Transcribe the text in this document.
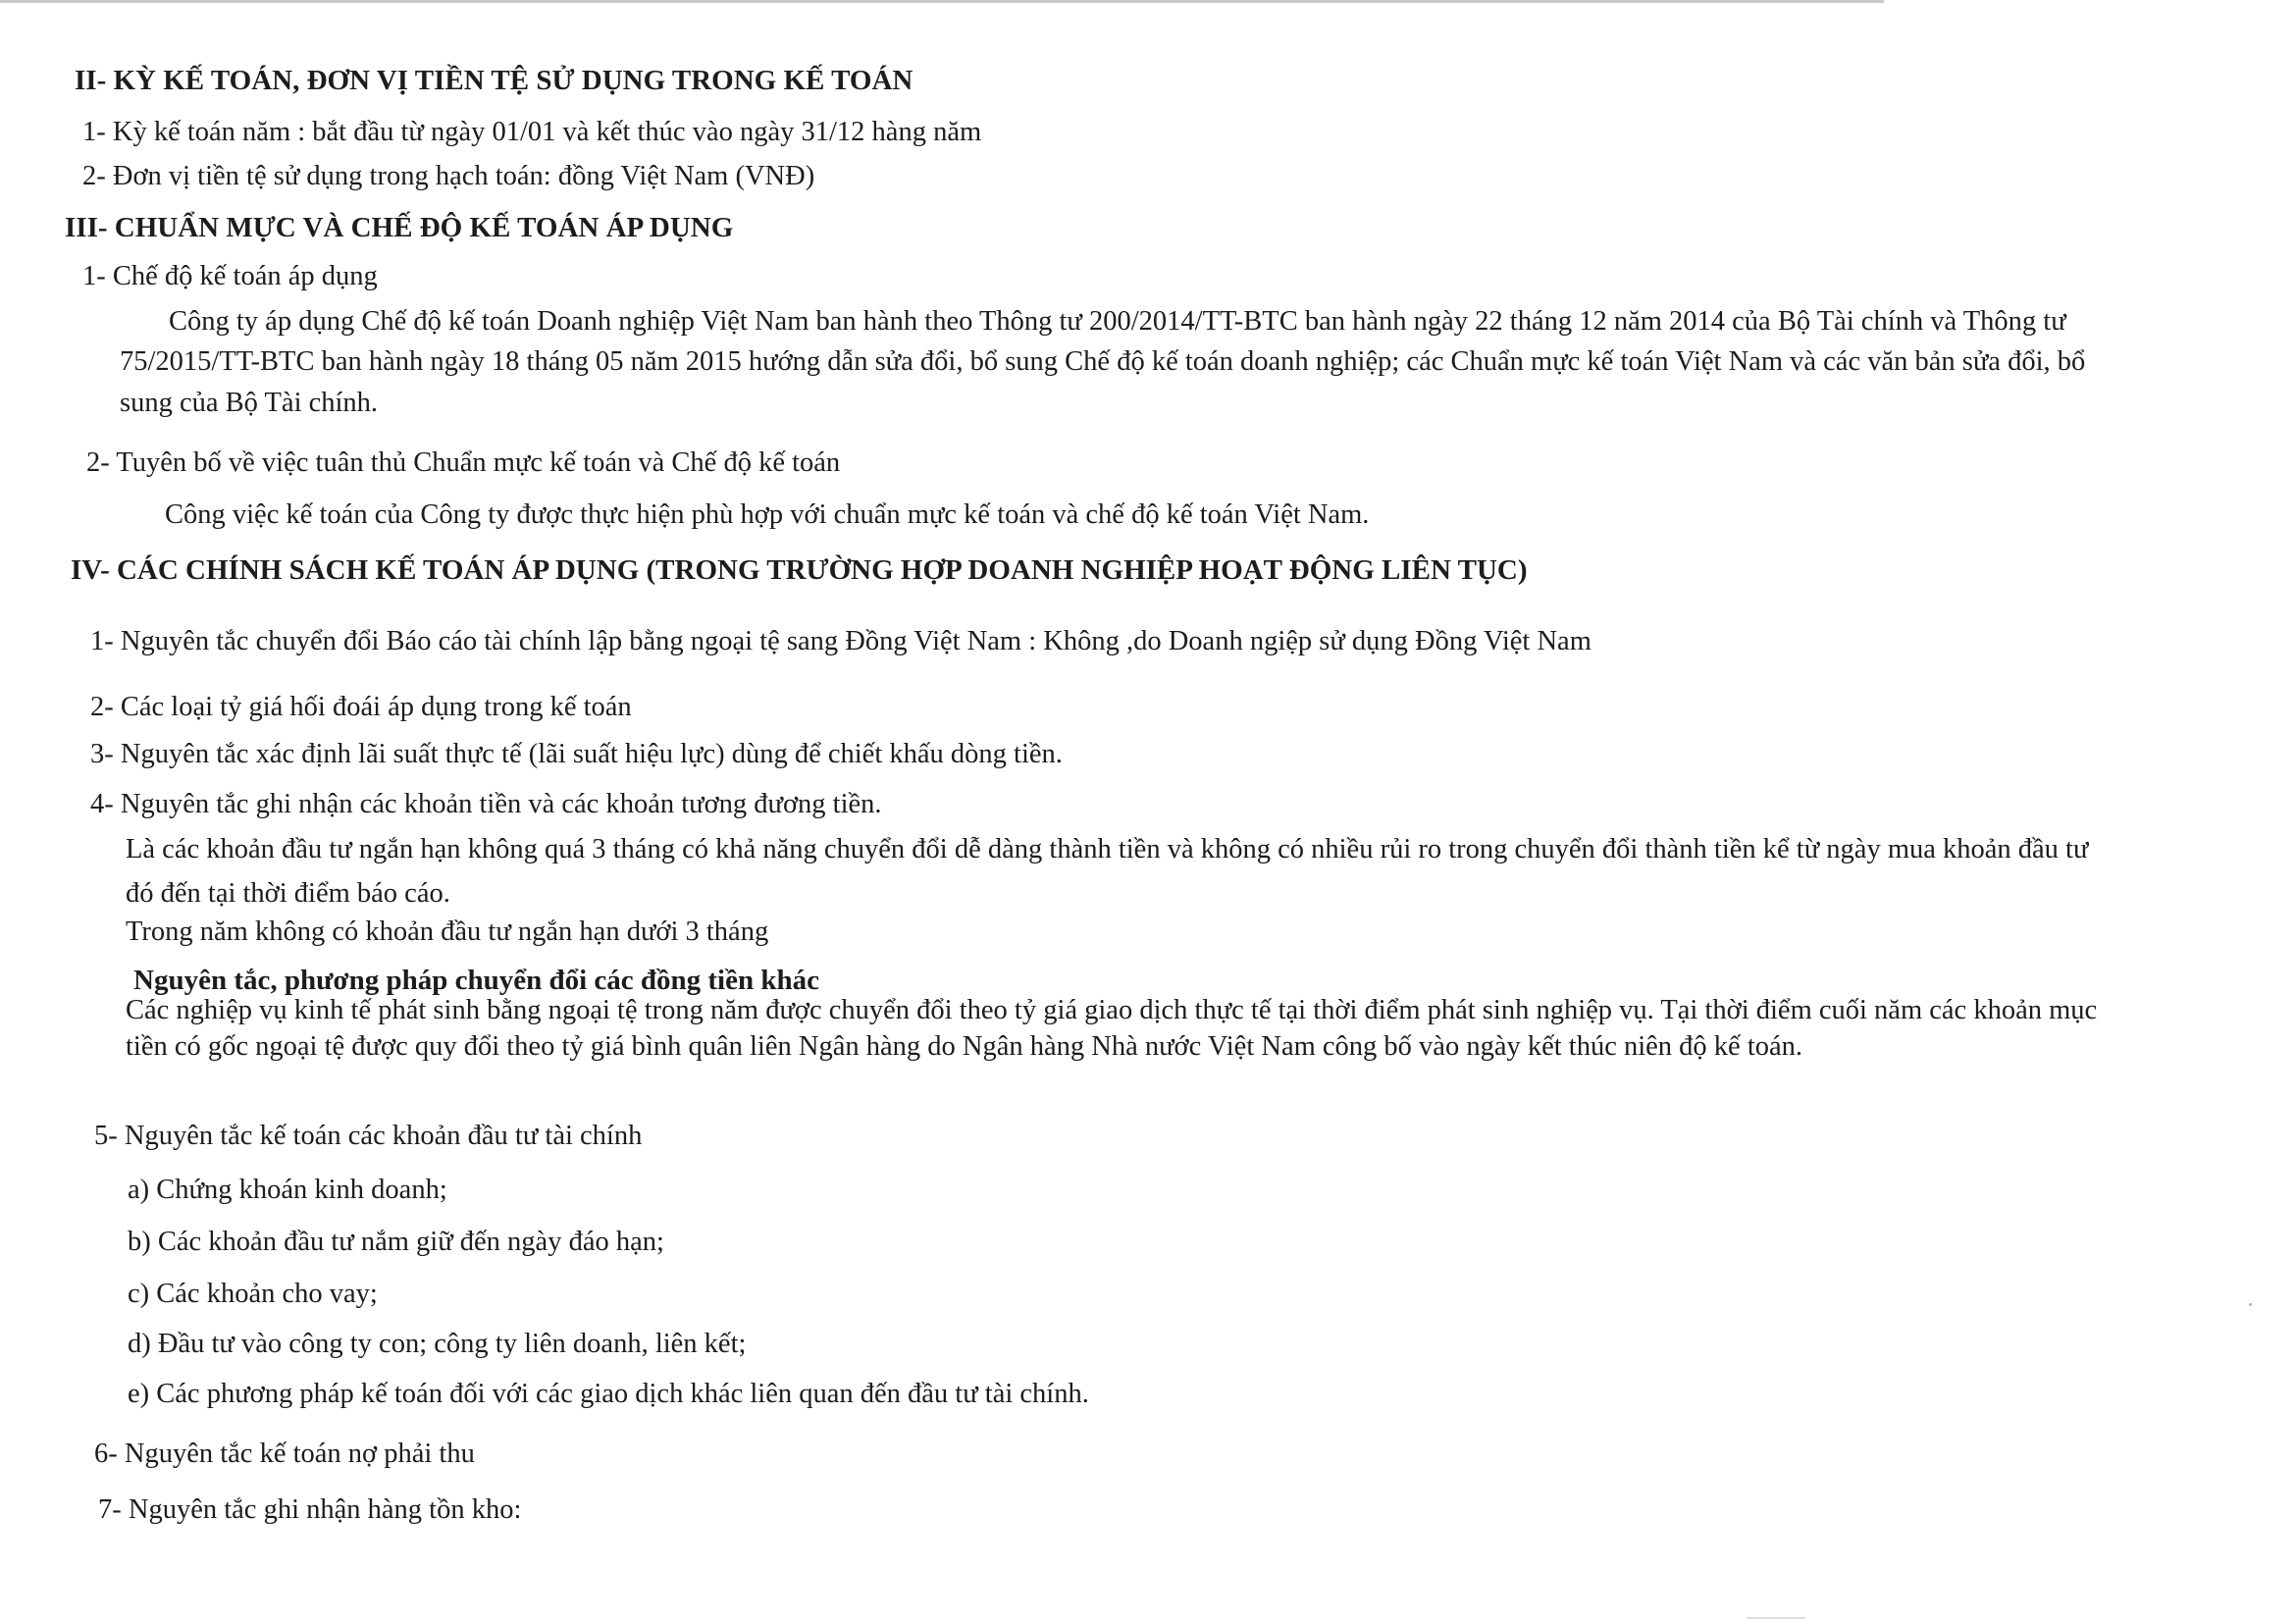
II- KỲ KẾ TOÁN, ĐƠN VỊ TIỀN TỆ SỬ DỤNG TRONG KẾ TOÁN
1- Kỳ kế toán năm : bắt đầu từ ngày 01/01 và kết thúc vào ngày 31/12 hàng năm
2- Đơn vị tiền tệ sử dụng trong hạch toán: đồng Việt Nam (VNĐ)
III- CHUẨN MỰC VÀ CHẾ ĐỘ KẾ TOÁN ÁP DỤNG
1- Chế độ kế toán áp dụng
Công ty áp dụng Chế độ kế toán Doanh nghiệp Việt Nam ban hành theo Thông tư 200/2014/TT-BTC ban hành ngày 22 tháng 12 năm 2014 của Bộ Tài chính và Thông tư
75/2015/TT-BTC ban hành ngày 18 tháng 05 năm 2015 hướng dẫn sửa đổi, bổ sung Chế độ kế toán doanh nghiệp; các Chuẩn mực kế toán Việt Nam và các văn bản sửa đổi, bổ
sung của Bộ Tài chính.
2- Tuyên bố về việc tuân thủ Chuẩn mực kế toán và Chế độ kế toán
Công việc kế toán của Công ty được thực hiện phù hợp với chuẩn mực kế toán và chế độ kế toán Việt Nam.
IV- CÁC CHÍNH SÁCH KẾ TOÁN ÁP DỤNG (TRONG TRƯỜNG HỢP DOANH NGHIỆP HOẠT ĐỘNG LIÊN TỤC)
1- Nguyên tắc chuyển đổi Báo cáo tài chính lập bằng ngoại tệ sang Đồng Việt Nam : Không ,do Doanh ngiệp sử dụng Đồng Việt Nam
2- Các loại tỷ giá hối đoái áp dụng trong kế toán
3- Nguyên tắc xác định lãi suất thực tế (lãi suất hiệu lực) dùng để chiết khấu dòng tiền.
4- Nguyên tắc ghi nhận các khoản tiền và các khoản tương đương tiền.
Là các khoản đầu tư ngắn hạn không quá 3 tháng có khả năng chuyển đổi dễ dàng thành tiền và không có nhiều rủi ro trong chuyển đổi thành tiền kể từ ngày mua khoản đầu tư
đó đến tại thời điểm báo cáo.
Trong năm không có khoản đầu tư ngắn hạn dưới 3 tháng
Nguyên tắc, phương pháp chuyển đổi các đồng tiền khác
Các nghiệp vụ kinh tế phát sinh bằng ngoại tệ trong năm được chuyển đổi theo tỷ giá giao dịch thực tế tại thời điểm phát sinh nghiệp vụ. Tại thời điểm cuối năm các khoản mục
tiền có gốc ngoại tệ được quy đổi theo tỷ giá bình quân liên Ngân hàng do Ngân hàng Nhà nước Việt Nam công bố vào ngày kết thúc niên độ kế toán.
5- Nguyên tắc kế toán các khoản đầu tư tài chính
a) Chứng khoán kinh doanh;
b) Các khoản đầu tư nắm giữ đến ngày đáo hạn;
c) Các khoản cho vay;
d) Đầu tư vào công ty con; công ty liên doanh, liên kết;
e) Các phương pháp kế toán đối với các giao dịch khác liên quan đến đầu tư tài chính.
6- Nguyên tắc kế toán nợ phải thu
7- Nguyên tắc ghi nhận hàng tồn kho:
